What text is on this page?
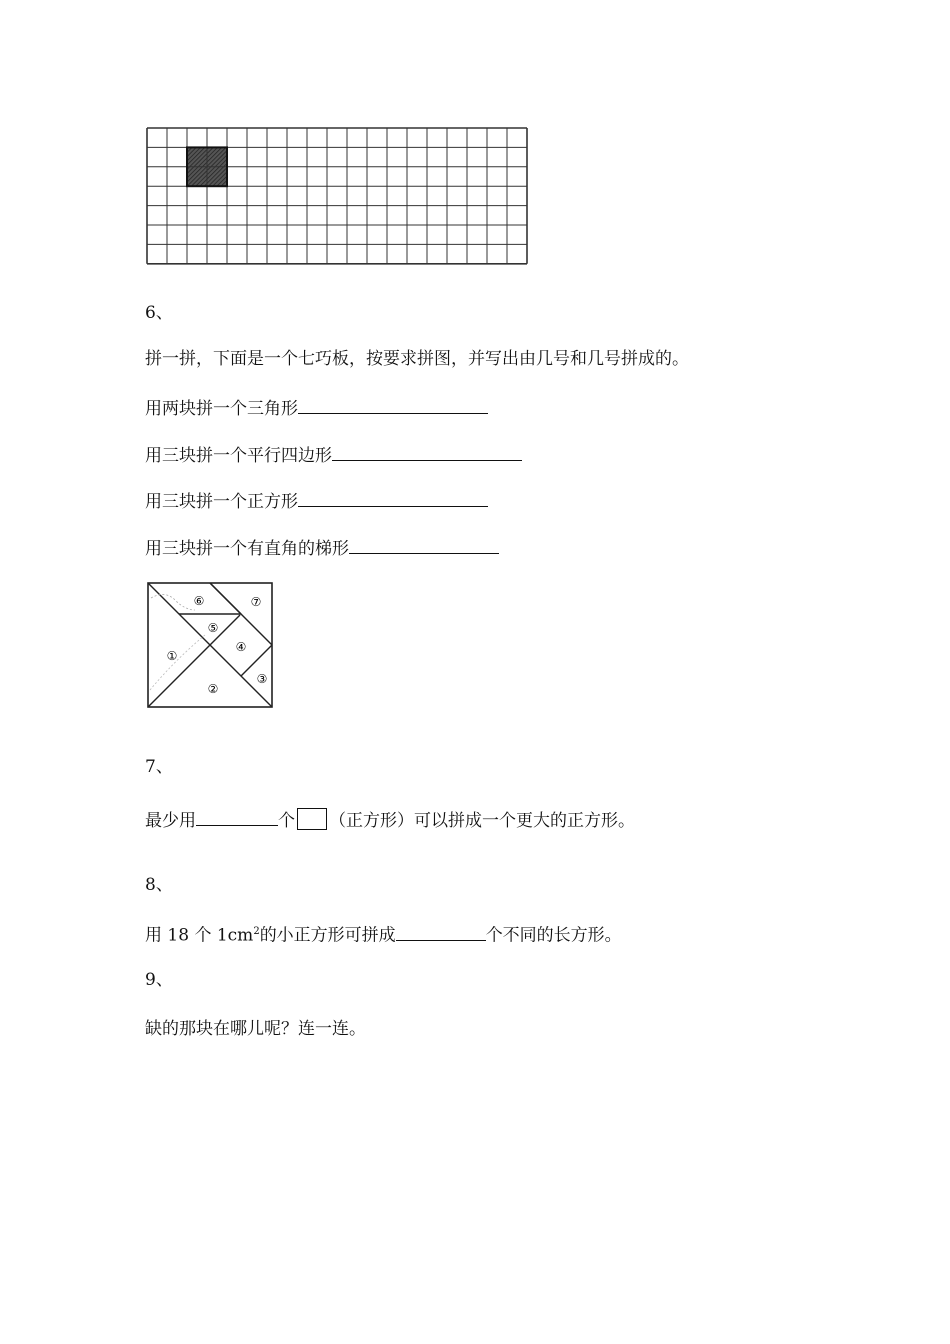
6、
拼一拼，下面是一个七巧板，按要求拼图，并写出由几号和几号拼成的。
用两块拼一个三角形
用三块拼一个平行四边形
用三块拼一个正方形
用三块拼一个有直角的梯形
①
②
③
④
⑤
⑥	⑦
7、
最少用	个 （正方形）可以拼成一个更大的正方形。
8、
用 18 个 $1cm^2$的小正方形可拼成	个不同的长方形。
9、
缺的那块在哪儿呢？连一连。
